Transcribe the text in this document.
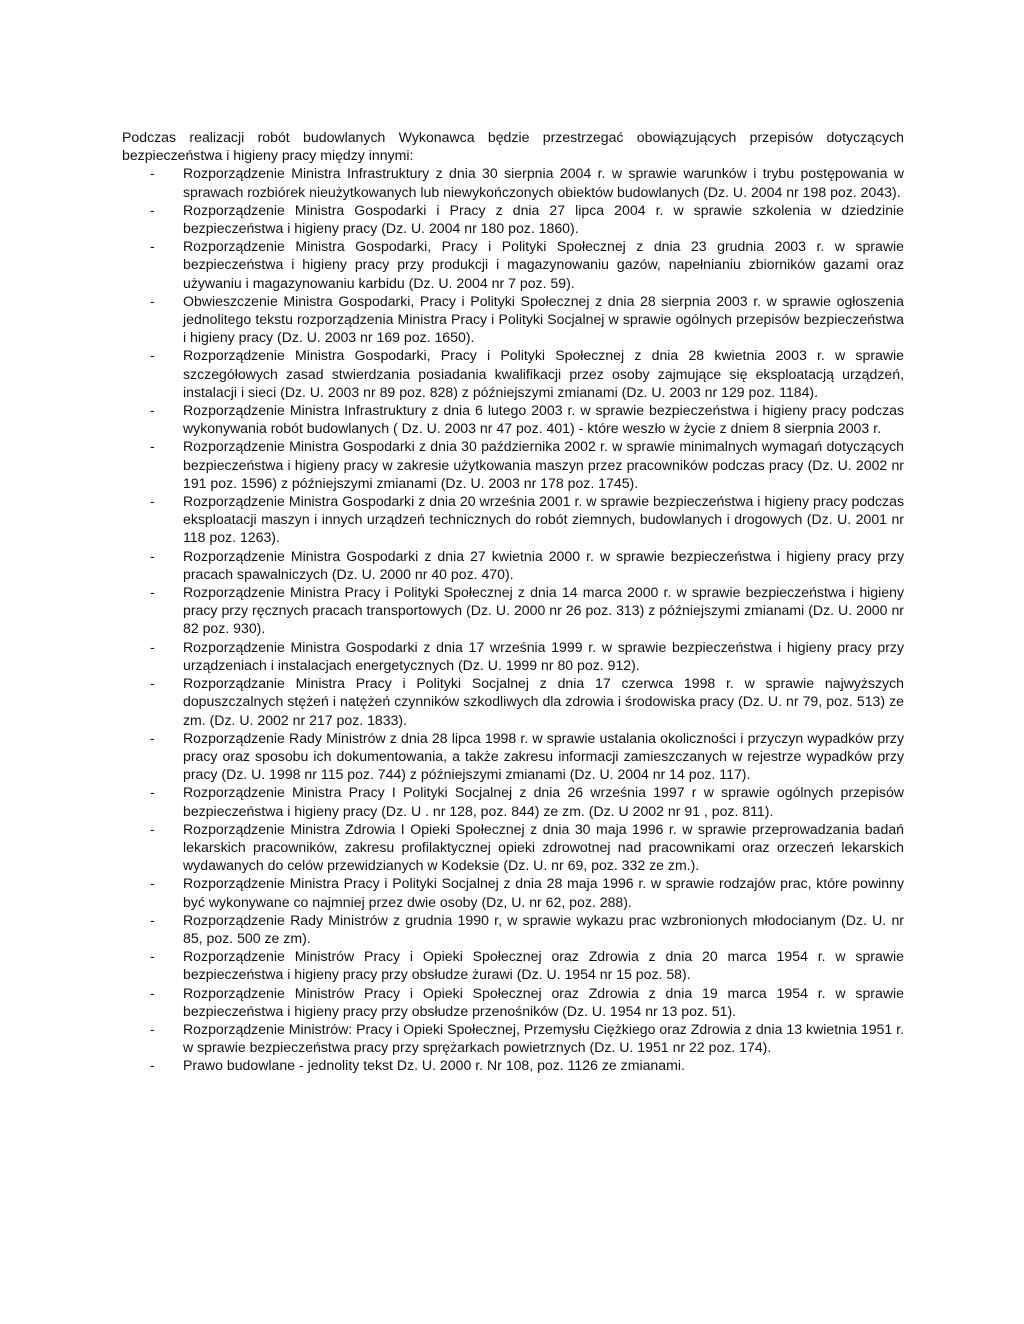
Podczas realizacji robót budowlanych Wykonawca będzie przestrzegać obowiązujących przepisów dotyczących bezpieczeństwa i higieny pracy między innymi:

- Rozporządzenie Ministra Infrastruktury z dnia 30 sierpnia 2004 r. w sprawie warunków i trybu postępowania w sprawach rozbiórek nieużytkowanych lub niewykończonych obiektów budowlanych (Dz. U. 2004 nr 198 poz. 2043).
- Rozporządzenie Ministra Gospodarki i Pracy z dnia 27 lipca 2004 r. w sprawie szkolenia w dziedzinie bezpieczeństwa i higieny pracy (Dz. U. 2004 nr 180 poz. 1860).
- Rozporządzenie Ministra Gospodarki, Pracy i Polityki Społecznej z dnia 23 grudnia 2003 r. w sprawie bezpieczeństwa i higieny pracy przy produkcji i magazynowaniu gazów, napełnianiu zbiorników gazami oraz używaniu i magazynowaniu karbidu (Dz. U. 2004 nr 7 poz. 59).
- Obwieszczenie Ministra Gospodarki, Pracy i Polityki Społecznej z dnia 28 sierpnia 2003 r. w sprawie ogłoszenia jednolitego tekstu rozporządzenia Ministra Pracy i Polityki Socjalnej w sprawie ogólnych przepisów bezpieczeństwa i higieny pracy (Dz. U. 2003 nr 169 poz. 1650).
- Rozporządzenie Ministra Gospodarki, Pracy i Polityki Społecznej z dnia 28 kwietnia 2003 r. w sprawie szczegółowych zasad stwierdzania posiadania kwalifikacji przez osoby zajmujące się eksploatacją urządzeń, instalacji i sieci (Dz. U. 2003 nr 89 poz. 828) z późniejszymi zmianami (Dz. U. 2003 nr 129 poz. 1184).
- Rozporządzenie Ministra Infrastruktury z dnia 6 lutego 2003 r. w sprawie bezpieczeństwa i higieny pracy podczas wykonywania robót budowlanych ( Dz. U. 2003 nr 47 poz. 401) - które weszło w życie z dniem 8 sierpnia 2003 r.
- Rozporządzenie Ministra Gospodarki z dnia 30 października 2002 r. w sprawie minimalnych wymagań dotyczących bezpieczeństwa i higieny pracy w zakresie użytkowania maszyn przez pracowników podczas pracy (Dz. U. 2002 nr 191 poz. 1596) z późniejszymi zmianami (Dz. U. 2003 nr 178 poz. 1745).
- Rozporządzenie Ministra Gospodarki z dnia 20 września 2001 r. w sprawie bezpieczeństwa i higieny pracy podczas eksploatacji maszyn i innych urządzeń technicznych do robót ziemnych, budowlanych i drogowych (Dz. U. 2001 nr 118 poz. 1263).
- Rozporządzenie Ministra Gospodarki z dnia 27 kwietnia 2000 r. w sprawie bezpieczeństwa i higieny pracy przy pracach spawalniczych (Dz. U. 2000 nr 40 poz. 470).
- Rozporządzenie Ministra Pracy i Polityki Społecznej z dnia 14 marca 2000 r. w sprawie bezpieczeństwa i higieny pracy przy ręcznych pracach transportowych (Dz. U. 2000 nr 26 poz. 313) z późniejszymi zmianami (Dz. U. 2000 nr 82 poz. 930).
- Rozporządzenie Ministra Gospodarki z dnia 17 września 1999 r. w sprawie bezpieczeństwa i higieny pracy przy urządzeniach i instalacjach energetycznych (Dz. U. 1999 nr 80 poz. 912).
- Rozporządzanie Ministra Pracy i Polityki Socjalnej z dnia 17 czerwca 1998 r. w sprawie najwyższych dopuszczalnych stężeń i natężeń czynników szkodliwych dla zdrowia i środowiska pracy (Dz. U. nr 79, poz. 513) ze zm. (Dz. U. 2002 nr 217 poz. 1833).
- Rozporządzenie Rady Ministrów z dnia 28 lipca 1998 r. w sprawie ustalania okoliczności i przyczyn wypadków przy pracy oraz sposobu ich dokumentowania, a także zakresu informacji zamieszczanych w rejestrze wypadków przy pracy (Dz. U. 1998 nr 115 poz. 744) z późniejszymi zmianami (Dz. U. 2004 nr 14 poz. 117).
- Rozporządzenie Ministra Pracy I Polityki Socjalnej z dnia 26 września 1997 r w sprawie ogólnych przepisów bezpieczeństwa i higieny pracy (Dz. U . nr 128, poz. 844) ze zm. (Dz. U 2002 nr 91 , poz. 811).
- Rozporządzenie Ministra Zdrowia I Opieki Społecznej z dnia 30 maja 1996 r. w sprawie przeprowadzania badań lekarskich pracowników, zakresu profilaktycznej opieki zdrowotnej nad pracownikami oraz orzeczeń lekarskich wydawanych do celów przewidzianych w Kodeksie (Dz. U. nr 69, poz. 332 ze zm.).
- Rozporządzenie Ministra Pracy i Polityki Socjalnej z dnia 28 maja 1996 r. w sprawie rodzajów prac, które powinny być wykonywane co najmniej przez dwie osoby (Dz, U. nr 62, poz. 288).
- Rozporządzenie Rady Ministrów z grudnia 1990 r, w sprawie wykazu prac wzbronionych młodocianym (Dz. U. nr 85, poz. 500 ze zm).
- Rozporządzenie Ministrów Pracy i Opieki Społecznej oraz Zdrowia z dnia 20 marca 1954 r. w sprawie bezpieczeństwa i higieny pracy przy obsłudze żurawi (Dz. U. 1954 nr 15 poz. 58).
- Rozporządzenie Ministrów Pracy i Opieki Społecznej oraz Zdrowia z dnia 19 marca 1954 r. w sprawie bezpieczeństwa i higieny pracy przy obsłudze przenośników (Dz. U. 1954 nr 13 poz. 51).
- Rozporządzenie Ministrów: Pracy i Opieki Społecznej, Przemysłu Ciężkiego oraz Zdrowia z dnia 13 kwietnia 1951 r. w sprawie bezpieczeństwa pracy przy sprężarkach powietrznych (Dz. U. 1951 nr 22 poz. 174).
- Prawo budowlane - jednolity tekst Dz. U. 2000 r. Nr 108, poz. 1126 ze zmianami.
